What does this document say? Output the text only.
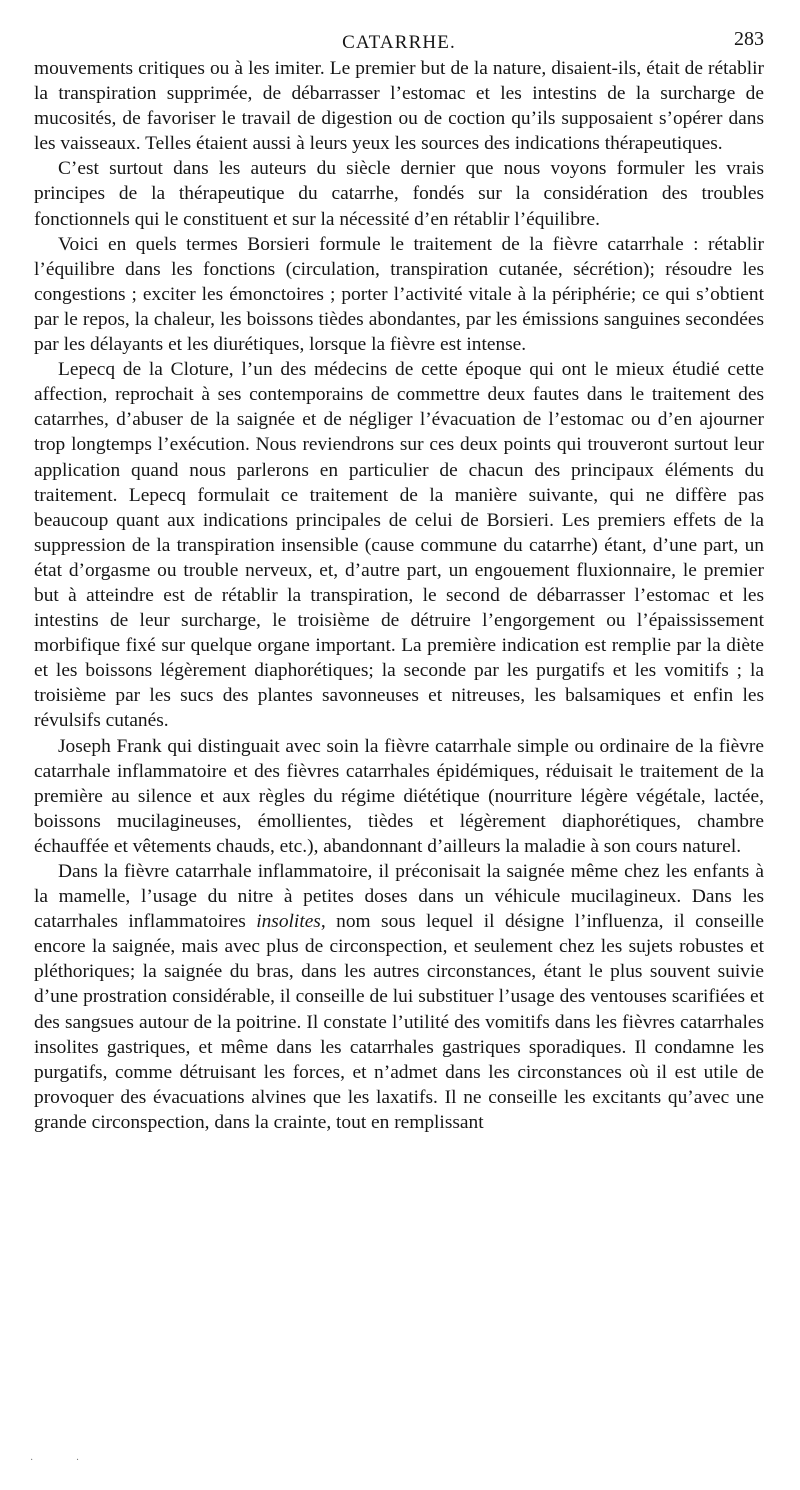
CATARRHE.	283

mouvements critiques ou à les imiter. Le premier but de la nature, disaient-ils, était de rétablir la transpiration supprimée, de débarrasser l’estomac et les intestins de la surcharge de mucosités, de favoriser le travail de digestion ou de coction qu’ils supposaient s’opérer dans les vaisseaux. Telles étaient aussi à leurs yeux les sources des indications thérapeutiques.

C’est surtout dans les auteurs du siècle dernier que nous voyons formuler les vrais principes de la thérapeutique du catarrhe, fondés sur la considération des troubles fonctionnels qui le constituent et sur la nécessité d’en rétablir l’équilibre.

Voici en quels termes Borsieri formule le traitement de la fièvre catarrhale : rétablir l’équilibre dans les fonctions (circulation, transpiration cutanée, sécrétion); résoudre les congestions ; exciter les émonctoires ; porter l’activité vitale à la périphérie; ce qui s’obtient par le repos, la chaleur, les boissons tièdes abondantes, par les émissions sanguines secondées par les délayants et les diurétiques, lorsque la fièvre est intense.

Lepecq de la Cloture, l’un des médecins de cette époque qui ont le mieux étudié cette affection, reprochait à ses contemporains de commettre deux fautes dans le traitement des catarrhes, d’abuser de la saignée et de négliger l’évacuation de l’estomac ou d’en ajourner trop longtemps l’exécution. Nous reviendrons sur ces deux points qui trouveront surtout leur application quand nous parlerons en particulier de chacun des principaux éléments du traitement. Lepecq formulait ce traitement de la manière suivante, qui ne diffère pas beaucoup quant aux indications principales de celui de Borsieri. Les premiers effets de la suppression de la transpiration insensible (cause commune du catarrhe) étant, d’une part, un état d’orgasme ou trouble nerveux, et, d’autre part, un engouement fluxionnaire, le premier but à atteindre est de rétablir la transpiration, le second de débarrasser l’estomac et les intestins de leur surcharge, le troisième de détruire l’engorgement ou l’épaississement morbifique fixé sur quelque organe important. La première indication est remplie par la diète et les boissons légèrement diaphorétiques; la seconde par les purgatifs et les vomitifs ; la troisième par les sucs des plantes savonneuses et nitreuses, les balsamiques et enfin les révulsifs cutanés.

Joseph Frank qui distinguait avec soin la fièvre catarrhale simple ou ordinaire de la fièvre catarrhale inflammatoire et des fièvres catarrhales épidémiques, réduisait le traitement de la première au silence et aux règles du régime diététique (nourriture légère végétale, lactée, boissons mucilagineuses, émollientes, tièdes et légèrement diaphorétiques, chambre échauffée et vêtements chauds, etc.), abandonnant d’ailleurs la maladie à son cours naturel.

Dans la fièvre catarrhale inflammatoire, il préconisait la saignée même chez les enfants à la mamelle, l’usage du nitre à petites doses dans un véhicule mucilagineux. Dans les catarrhales inflammatoires insolites, nom sous lequel il désigne l’influenza, il conseille encore la saignée, mais avec plus de circonspection, et seulement chez les sujets robustes et pléthoriques; la saignée du bras, dans les autres circonstances, étant le plus souvent suivie d’une prostration considérable, il conseille de lui substituer l’usage des ventouses scarifiées et des sangsues autour de la poitrine. Il constate l’utilité des vomitifs dans les fièvres catarrhales insolites gastriques, et même dans les catarrhales gastriques sporadiques. Il condamne les purgatifs, comme détruisant les forces, et n’admet dans les circonstances où il est utile de provoquer des évacuations alvines que les laxatifs. Il ne conseille les excitants qu’avec une grande circonspection, dans la crainte, tout en remplissant

· ·
